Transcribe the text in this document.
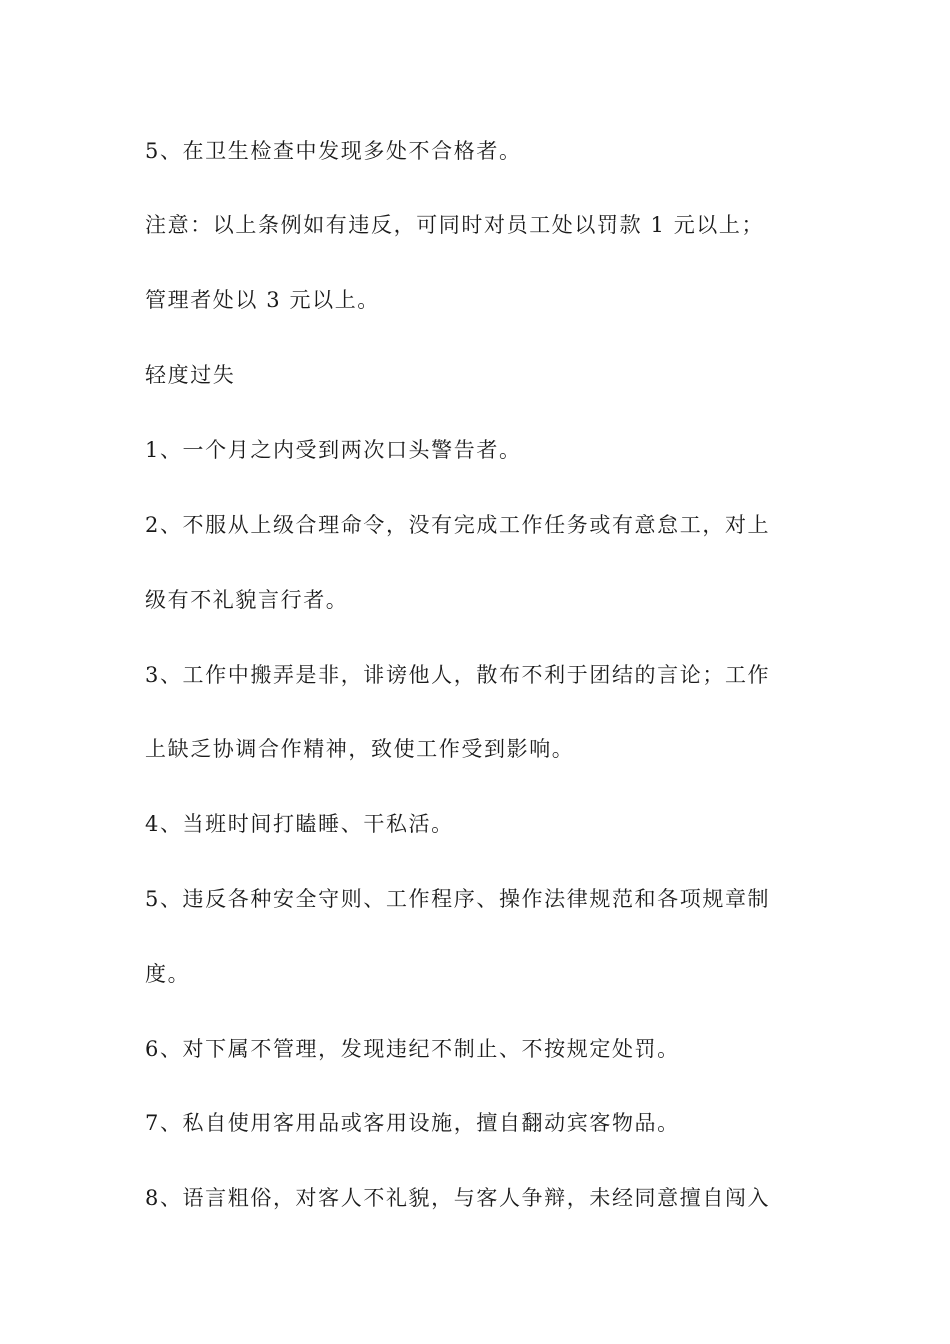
5、在卫生检查中发现多处不合格者。
注意：以上条例如有违反，可同时对员工处以罚款 1 元以上；
管理者处以 3 元以上。
轻度过失
1、一个月之内受到两次口头警告者。
2、不服从上级合理命令，没有完成工作任务或有意怠工，对上
级有不礼貌言行者。
3、工作中搬弄是非，诽谤他人，散布不利于团结的言论；工作
上缺乏协调合作精神，致使工作受到影响。
4、当班时间打瞌睡、干私活。
5、违反各种安全守则、工作程序、操作法律规范和各项规章制
度。
6、对下属不管理，发现违纪不制止、不按规定处罚。
7、私自使用客用品或客用设施，擅自翻动宾客物品。
8、语言粗俗，对客人不礼貌，与客人争辩，未经同意擅自闯入
